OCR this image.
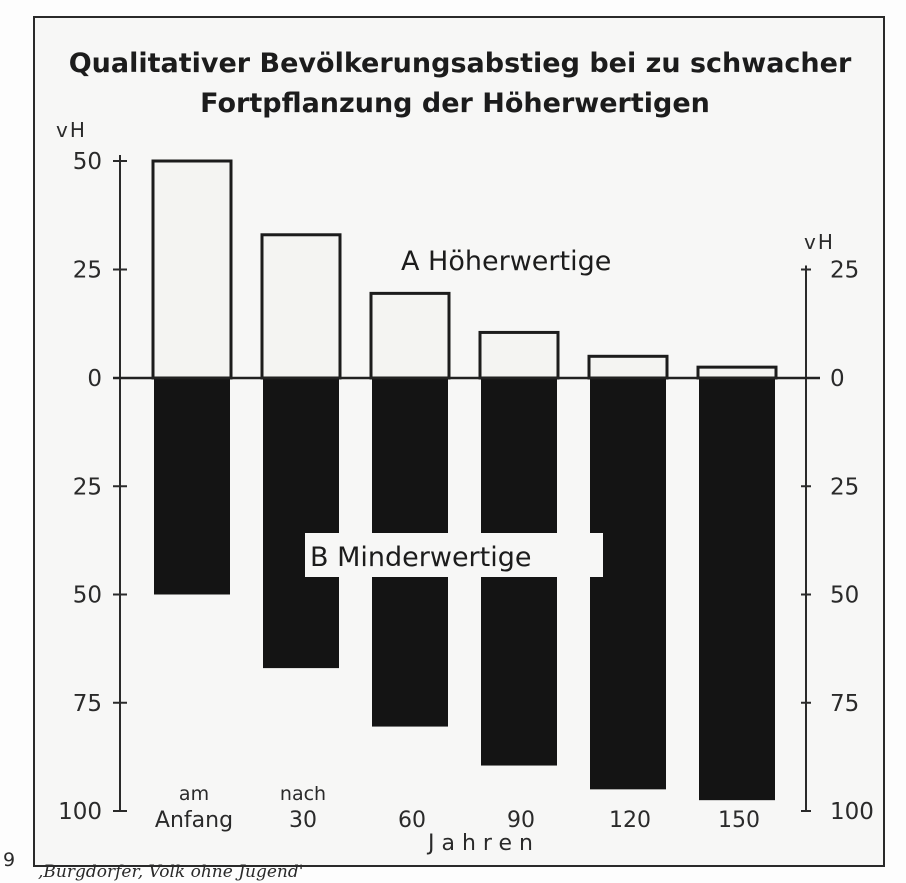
Qualitativer Bevölkerungsabstieg bei zu schwacher
Fortpflanzung der Höherwertigen
vH
vH
50
25
0
25
50
75
100
25
0
25
50
75
100
A Höherwertige
B Minderwertige
am
Anfang
nach
30	60	90	120	150
Jahren
,Burgdorfer, Volk ohne Jugend'
9
